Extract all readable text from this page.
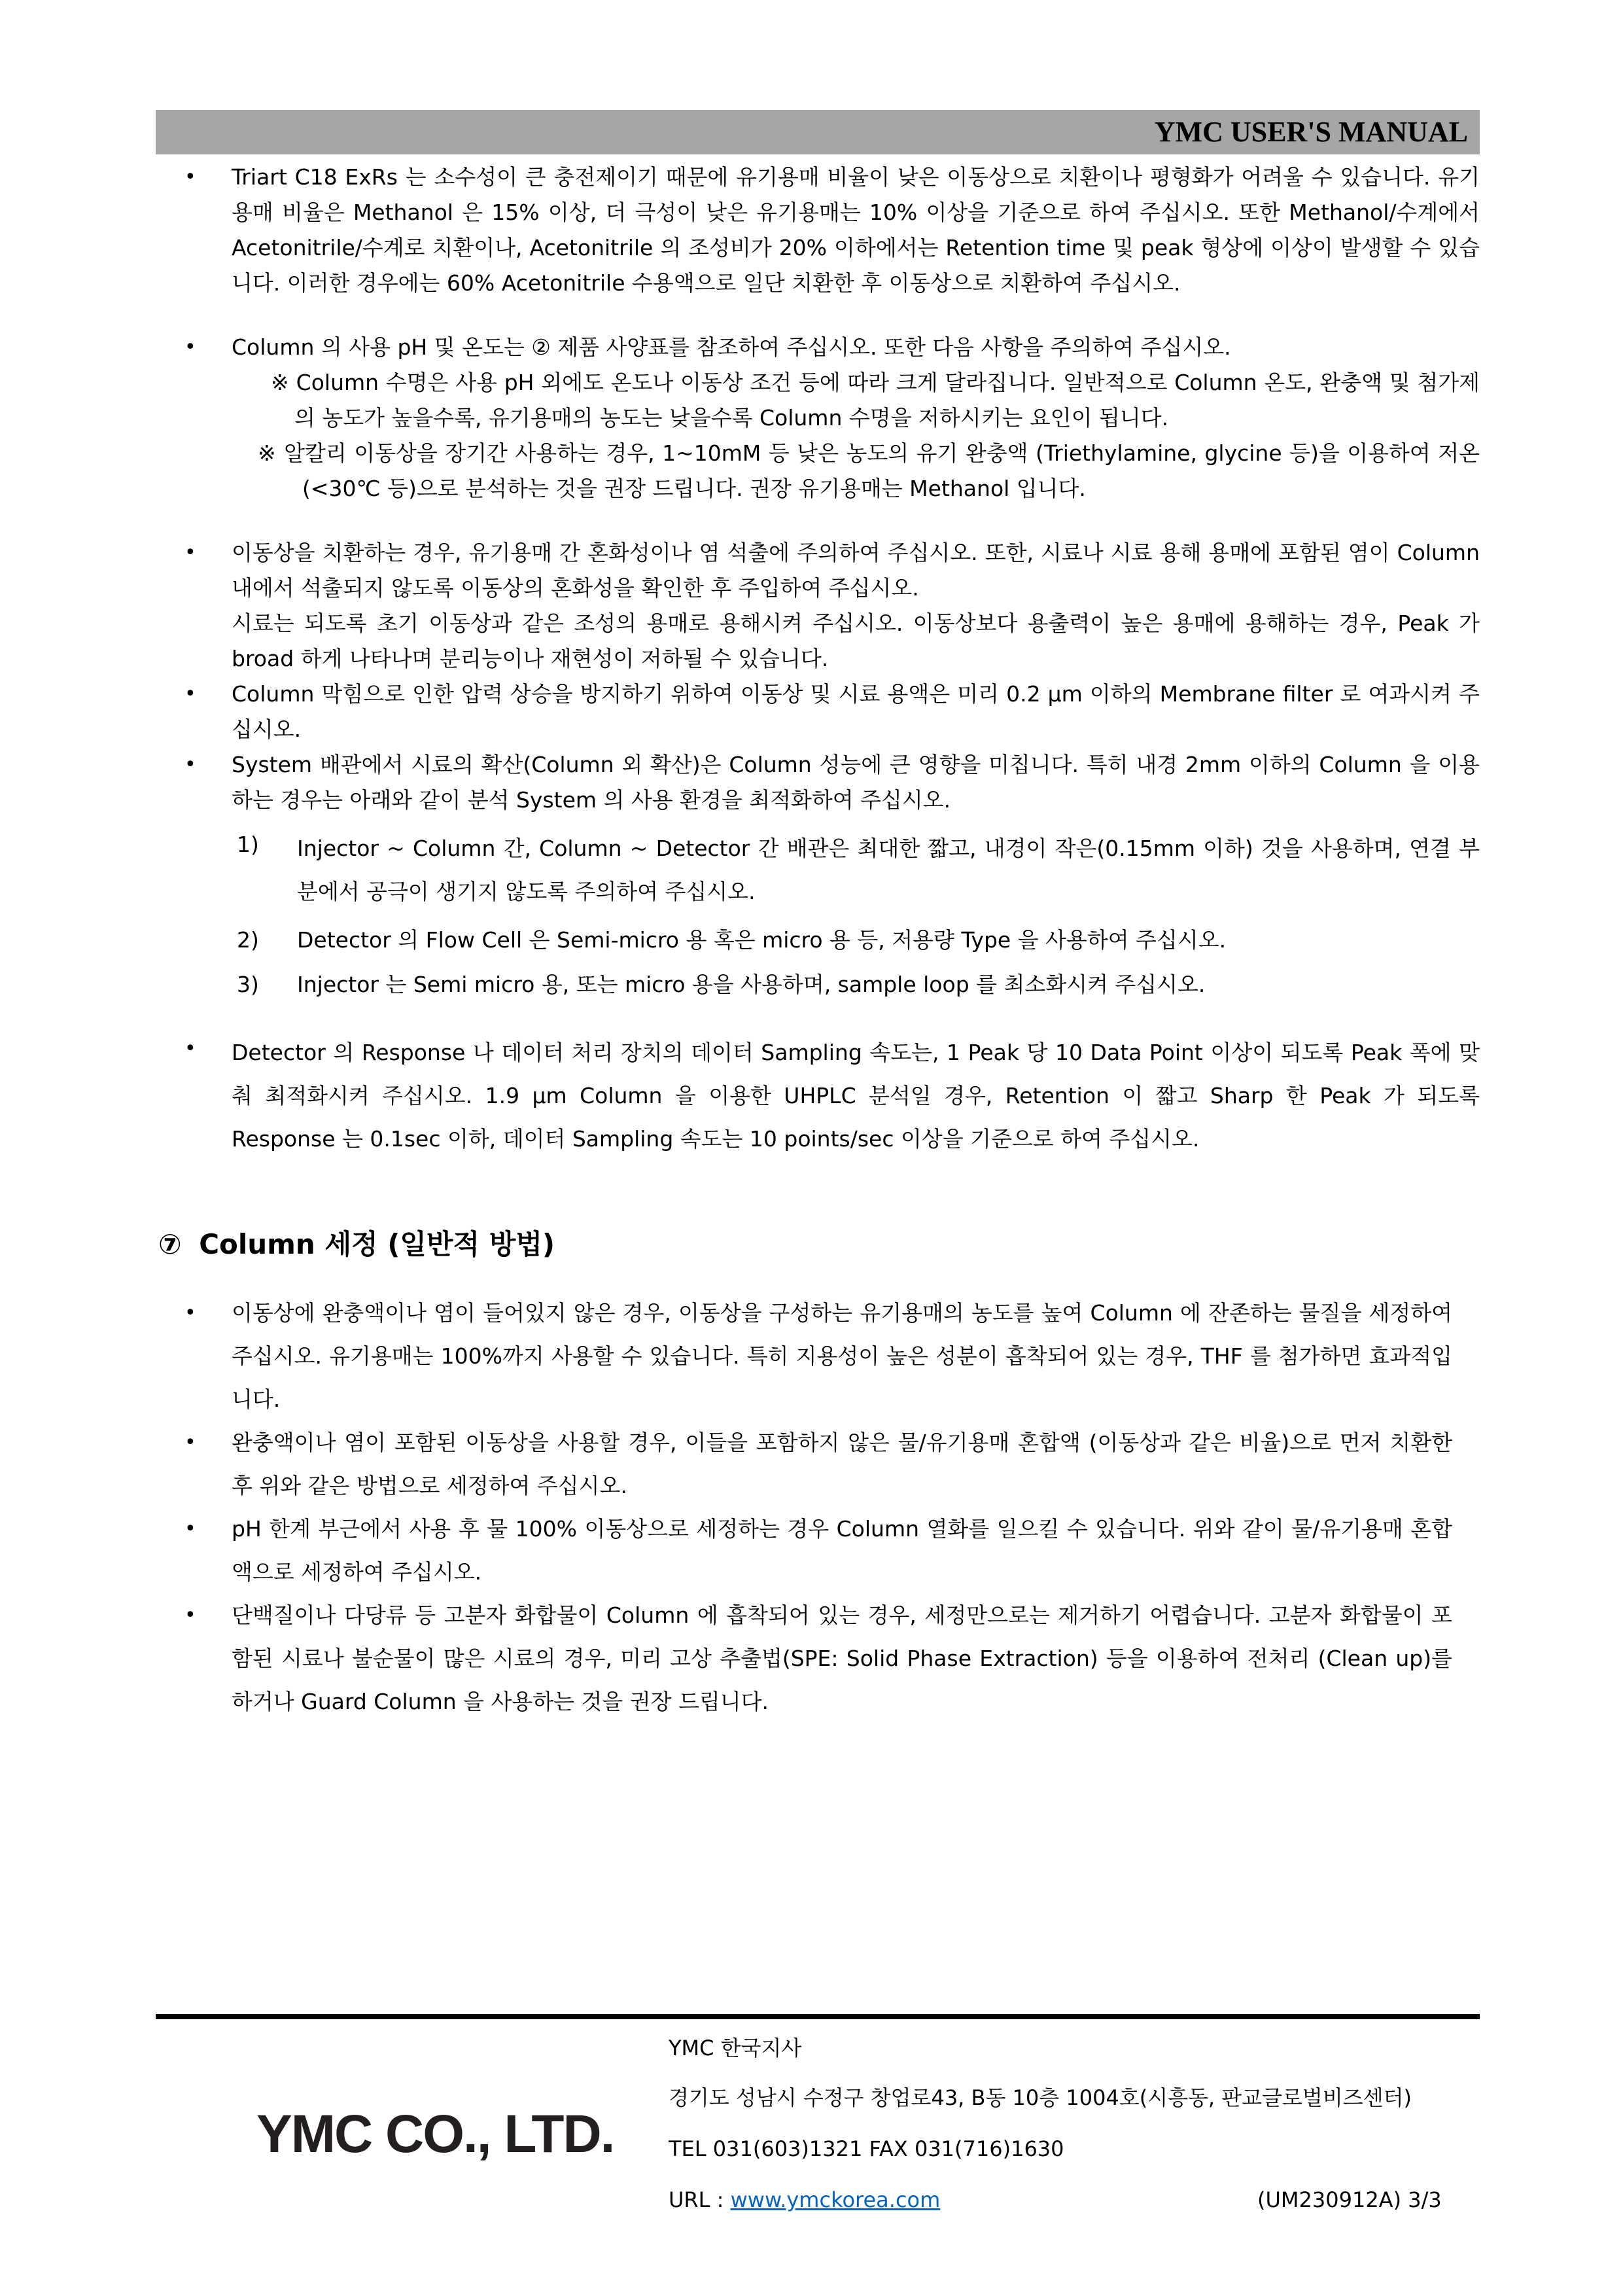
YMC USER'S MANUAL

• Triart C18 ExRs 는 소수성이 큰 충전제이기 때문에 유기용매 비율이 낮은 이동상으로 치환이나 평형화가 어려울 수 있습니다. 유기용매 비율은 Methanol 은 15% 이상, 더 극성이 낮은 유기용매는 10% 이상을 기준으로 하여 주십시오. 또한 Methanol/수계에서 Acetonitrile/수계로 치환이나, Acetonitrile 의 조성비가 20% 이하에서는 Retention time 및 peak 형상에 이상이 발생할 수 있습니다. 이러한 경우에는 60% Acetonitrile 수용액으로 일단 치환한 후 이동상으로 치환하여 주십시오.

• Column 의 사용 pH 및 온도는 ② 제품 사양표를 참조하여 주십시오. 또한 다음 사항을 주의하여 주십시오.

※ Column 수명은 사용 pH 외에도 온도나 이동상 조건 등에 따라 크게 달라집니다. 일반적으로 Column 온도, 완충액 및 첨가제의 농도가 높을수록, 유기용매의 농도는 낮을수록 Column 수명을 저하시키는 요인이 됩니다.

※ 알칼리 이동상을 장기간 사용하는 경우, 1~10mM 등 낮은 농도의 유기 완충액 (Triethylamine, glycine 등)을 이용하여 저온 (<30℃ 등)으로 분석하는 것을 권장 드립니다. 권장 유기용매는 Methanol 입니다.

• 이동상을 치환하는 경우, 유기용매 간 혼화성이나 염 석출에 주의하여 주십시오. 또한, 시료나 시료 용해 용매에 포함된 염이 Column 내에서 석출되지 않도록 이동상의 혼화성을 확인한 후 주입하여 주십시오.

시료는 되도록 초기 이동상과 같은 조성의 용매로 용해시켜 주십시오. 이동상보다 용출력이 높은 용매에 용해하는 경우, Peak 가 broad 하게 나타나며 분리능이나 재현성이 저하될 수 있습니다.

• Column 막힘으로 인한 압력 상승을 방지하기 위하여 이동상 및 시료 용액은 미리 0.2 μm 이하의 Membrane filter 로 여과시켜 주십시오.

• System 배관에서 시료의 확산(Column 외 확산)은 Column 성능에 큰 영향을 미칩니다. 특히 내경 2mm 이하의 Column 을 이용하는 경우는 아래와 같이 분석 System 의 사용 환경을 최적화하여 주십시오.

1) Injector ~ Column 간, Column ~ Detector 간 배관은 최대한 짧고, 내경이 작은(0.15mm 이하) 것을 사용하며, 연결 부분에서 공극이 생기지 않도록 주의하여 주십시오.

2) Detector 의 Flow Cell 은 Semi-micro 용 혹은 micro 용 등, 저용량 Type 을 사용하여 주십시오.

3) Injector 는 Semi micro 용, 또는 micro 용을 사용하며, sample loop 를 최소화시켜 주십시오.

• Detector 의 Response 나 데이터 처리 장치의 데이터 Sampling 속도는, 1 Peak 당 10 Data Point 이상이 되도록 Peak 폭에 맞춰 최적화시켜 주십시오. 1.9 μm Column 을 이용한 UHPLC 분석일 경우, Retention 이 짧고 Sharp 한 Peak 가 되도록 Response 는 0.1sec 이하, 데이터 Sampling 속도는 10 points/sec 이상을 기준으로 하여 주십시오.

⑦ Column 세정 (일반적 방법)

• 이동상에 완충액이나 염이 들어있지 않은 경우, 이동상을 구성하는 유기용매의 농도를 높여 Column 에 잔존하는 물질을 세정하여 주십시오. 유기용매는 100%까지 사용할 수 있습니다. 특히 지용성이 높은 성분이 흡착되어 있는 경우, THF 를 첨가하면 효과적입니다.

• 완충액이나 염이 포함된 이동상을 사용할 경우, 이들을 포함하지 않은 물/유기용매 혼합액 (이동상과 같은 비율)으로 먼저 치환한 후 위와 같은 방법으로 세정하여 주십시오.

• pH 한계 부근에서 사용 후 물 100% 이동상으로 세정하는 경우 Column 열화를 일으킬 수 있습니다. 위와 같이 물/유기용매 혼합액으로 세정하여 주십시오.

• 단백질이나 다당류 등 고분자 화합물이 Column 에 흡착되어 있는 경우, 세정만으로는 제거하기 어렵습니다. 고분자 화합물이 포함된 시료나 불순물이 많은 시료의 경우, 미리 고상 추출법(SPE: Solid Phase Extraction) 등을 이용하여 전처리 (Clean up)를 하거나 Guard Column 을 사용하는 것을 권장 드립니다.

YMC CO., LTD.
YMC 한국지사
경기도 성남시 수정구 창업로43, B동 10층 1004호(시흥동, 판교글로벌비즈센터)
TEL 031(603)1321 FAX 031(716)1630
URL : www.ymckorea.com	(UM230912A) 3/3
